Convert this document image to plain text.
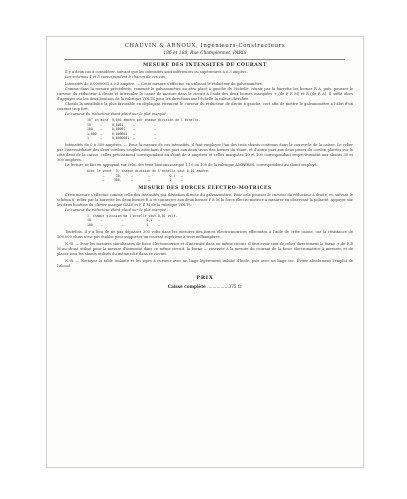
CHAUVIN & ARNOUX, Ingénieurs-Constructeurs
186 et 188, Rue Championnet, PARIS
MESURE DES INTENSITÉS DE COURANT

Il y a deux cas à considérer, suivant que les intensités sont inférieures ou supérieures à 0,3 ampère.

Les schémas 4 et 5 correspondent à chacun de ces cas.

Intensités de 0,0000001 à 0,3 ampère. — Cette mesure s'effectue en utilisant le réducteur du galvanomètre.

Comme dans la mesure précédente, ramener le galvanomètre au zéro placé à gauche de l'échelle, réunir par la barrette les bornes R A, puis, pousser le curseur du réducteur à droite et intercaler la canne de mesure dans le circuit à l'aide des deux bornes marquées + (de F E M) et R (de R A). Il suffit alors d'appuyer sur les deux boutons de la rubrique VOLTS pour les directions sur l'échelle la valeur cherchée.

Choisir la sensibilité la plus favorable en déplaçant vivement le curseur du réducteur de droite à gauche, ceci afin de mettre le galvanomètre à l'abri d'un courant trop fort.

Le curseur du réducteur étant placé sur le plot marqué :

10° on aura  0,001 ampère par chaque division de l'échelle.
10     —     0,0001     —          —
100    —     0,00001    —          —
1.000  —     0,000001   —          —
1      —     0,0000001  —          —

Intensités de 0 à 300 ampères. — Pour la mesure de ces intensités, il faut employer l'un des trois shunts contenus dans le couvercle de la caisse. Le relier par l'intermédiaire des deux cordons souples attachant d'une part aux deux trous des bornes du shunt, et d'autre part aux deux prises du cordon placées sur le côté droit de la caisse, celles précisément correspondant au shunt de 3 ampères et celles marquées 10 et 100 correspondant respectivement aux shunts 30 et 300 ampères.

La lecture se fait en appuyant sur celui des trois boutons marqué 1,10 ou 100 de la rubrique AMPÈRES, correspondant au shunt employé.

Avec le shunt  3, chaque division de l'échelle vaut 0,01 ampère.
—      30,     —        —          0,1   —
—     300,     —        —          1     —
MESURE DES FORCES ÉLECTRO-MOTRICES

Cette mesure s'effectue comme celle des intensités par déviation directe du galvanomètre. Pour cela pousser le curseur du réducteur à droite, et, suivant le schéma 6, relier par la barrette les deux bornes R A et connecter aux deux bornes F E M la force électro-motrice à mesurer en observant la polarité. Appuyer sur les deux boutons du clavier marqué GALV et F E M de la rubrique VOLTS.

Le curseur du réducteur étant placé sur le plot marqué :

1  chaque division de l'échelle vaut 0,01 volt.
10     —          —            0,1   —
100    —          —            1     —

Toutefois, il y a lieu de ne pas dépasser 300 volts dans les mesures des forces électro-motrices effectuées à l'aide de cette caisse, car la résistance de 100.000 ohms n'est pas établie pour supporter un courant supérieur à trois milliampères.

N.-B. — Pour les mesures simultanées de force électromotrice et d'intensité dans un même circuit, il faut avoir soin de relier directement la borne + de F E M au shunt utilisé pour la mesure d'intensité dans ce même circuit, la borne — réservée à la mesure du courant de la force électromotrice à mesurer, et de placer tous les shunts utilisés du même côté dans ce circuit.

N.-B. — Nettoyer la table isolante et les ripes à curseur avec un linge légèrement imbibé d'huile, puis avec un linge sec. Éviter absolument l'emploi de l'alcool.

PRIX
Caisse complète ............... 375 fr.
